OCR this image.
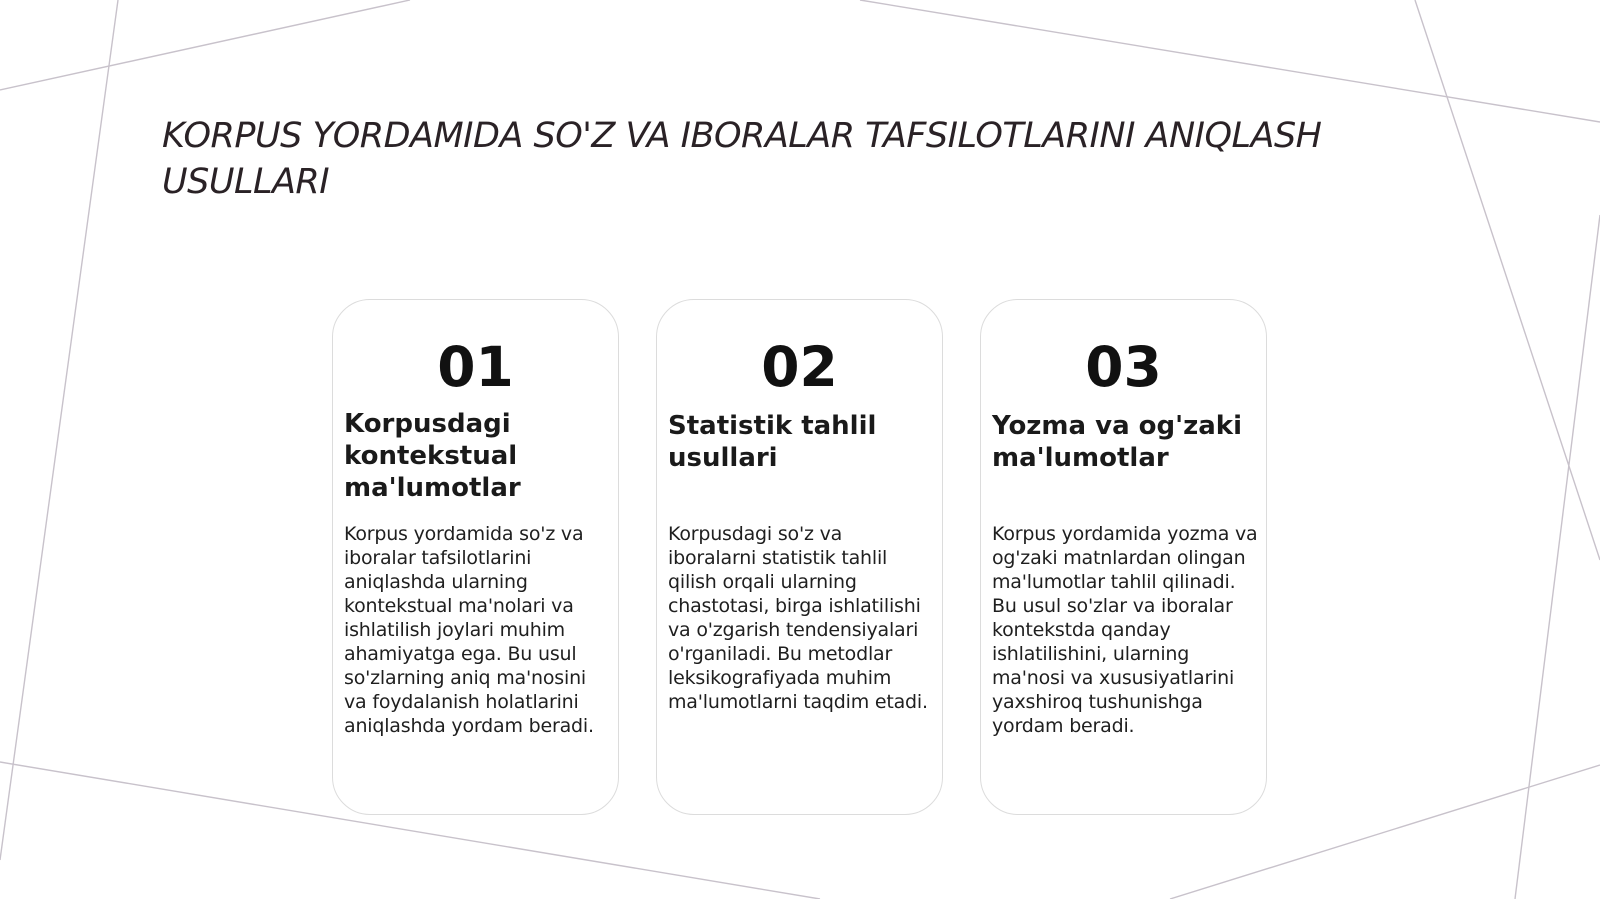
KORPUS YORDAMIDA SO'Z VA IBORALAR TAFSILOTLARINI ANIQLASH USULLARI
01
Korpusdagi kontekstual ma'lumotlar

Korpus yordamida so'z va iboralar tafsilotlarini aniqlashda ularning kontekstual ma'nolari va ishlatilish joylari muhim ahamiyatga ega. Bu usul so'zlarning aniq ma'nosini va foydalanish holatlarini aniqlashda yordam beradi.

02
Statistik tahlil usullari

Korpusdagi so'z va iboralarni statistik tahlil qilish orqali ularning chastotasi, birga ishlatilishi va o'zgarish tendensiyalari o'rganiladi. Bu metodlar leksikografiyada muhim ma'lumotlarni taqdim etadi.

03
Yozma va og'zaki ma'lumotlar

Korpus yordamida yozma va og'zaki matnlardan olingan ma'lumotlar tahlil qilinadi. Bu usul so'zlar va iboralar kontekstda qanday ishlatilishini, ularning ma'nosi va xususiyatlarini yaxshiroq tushunishga yordam beradi.
